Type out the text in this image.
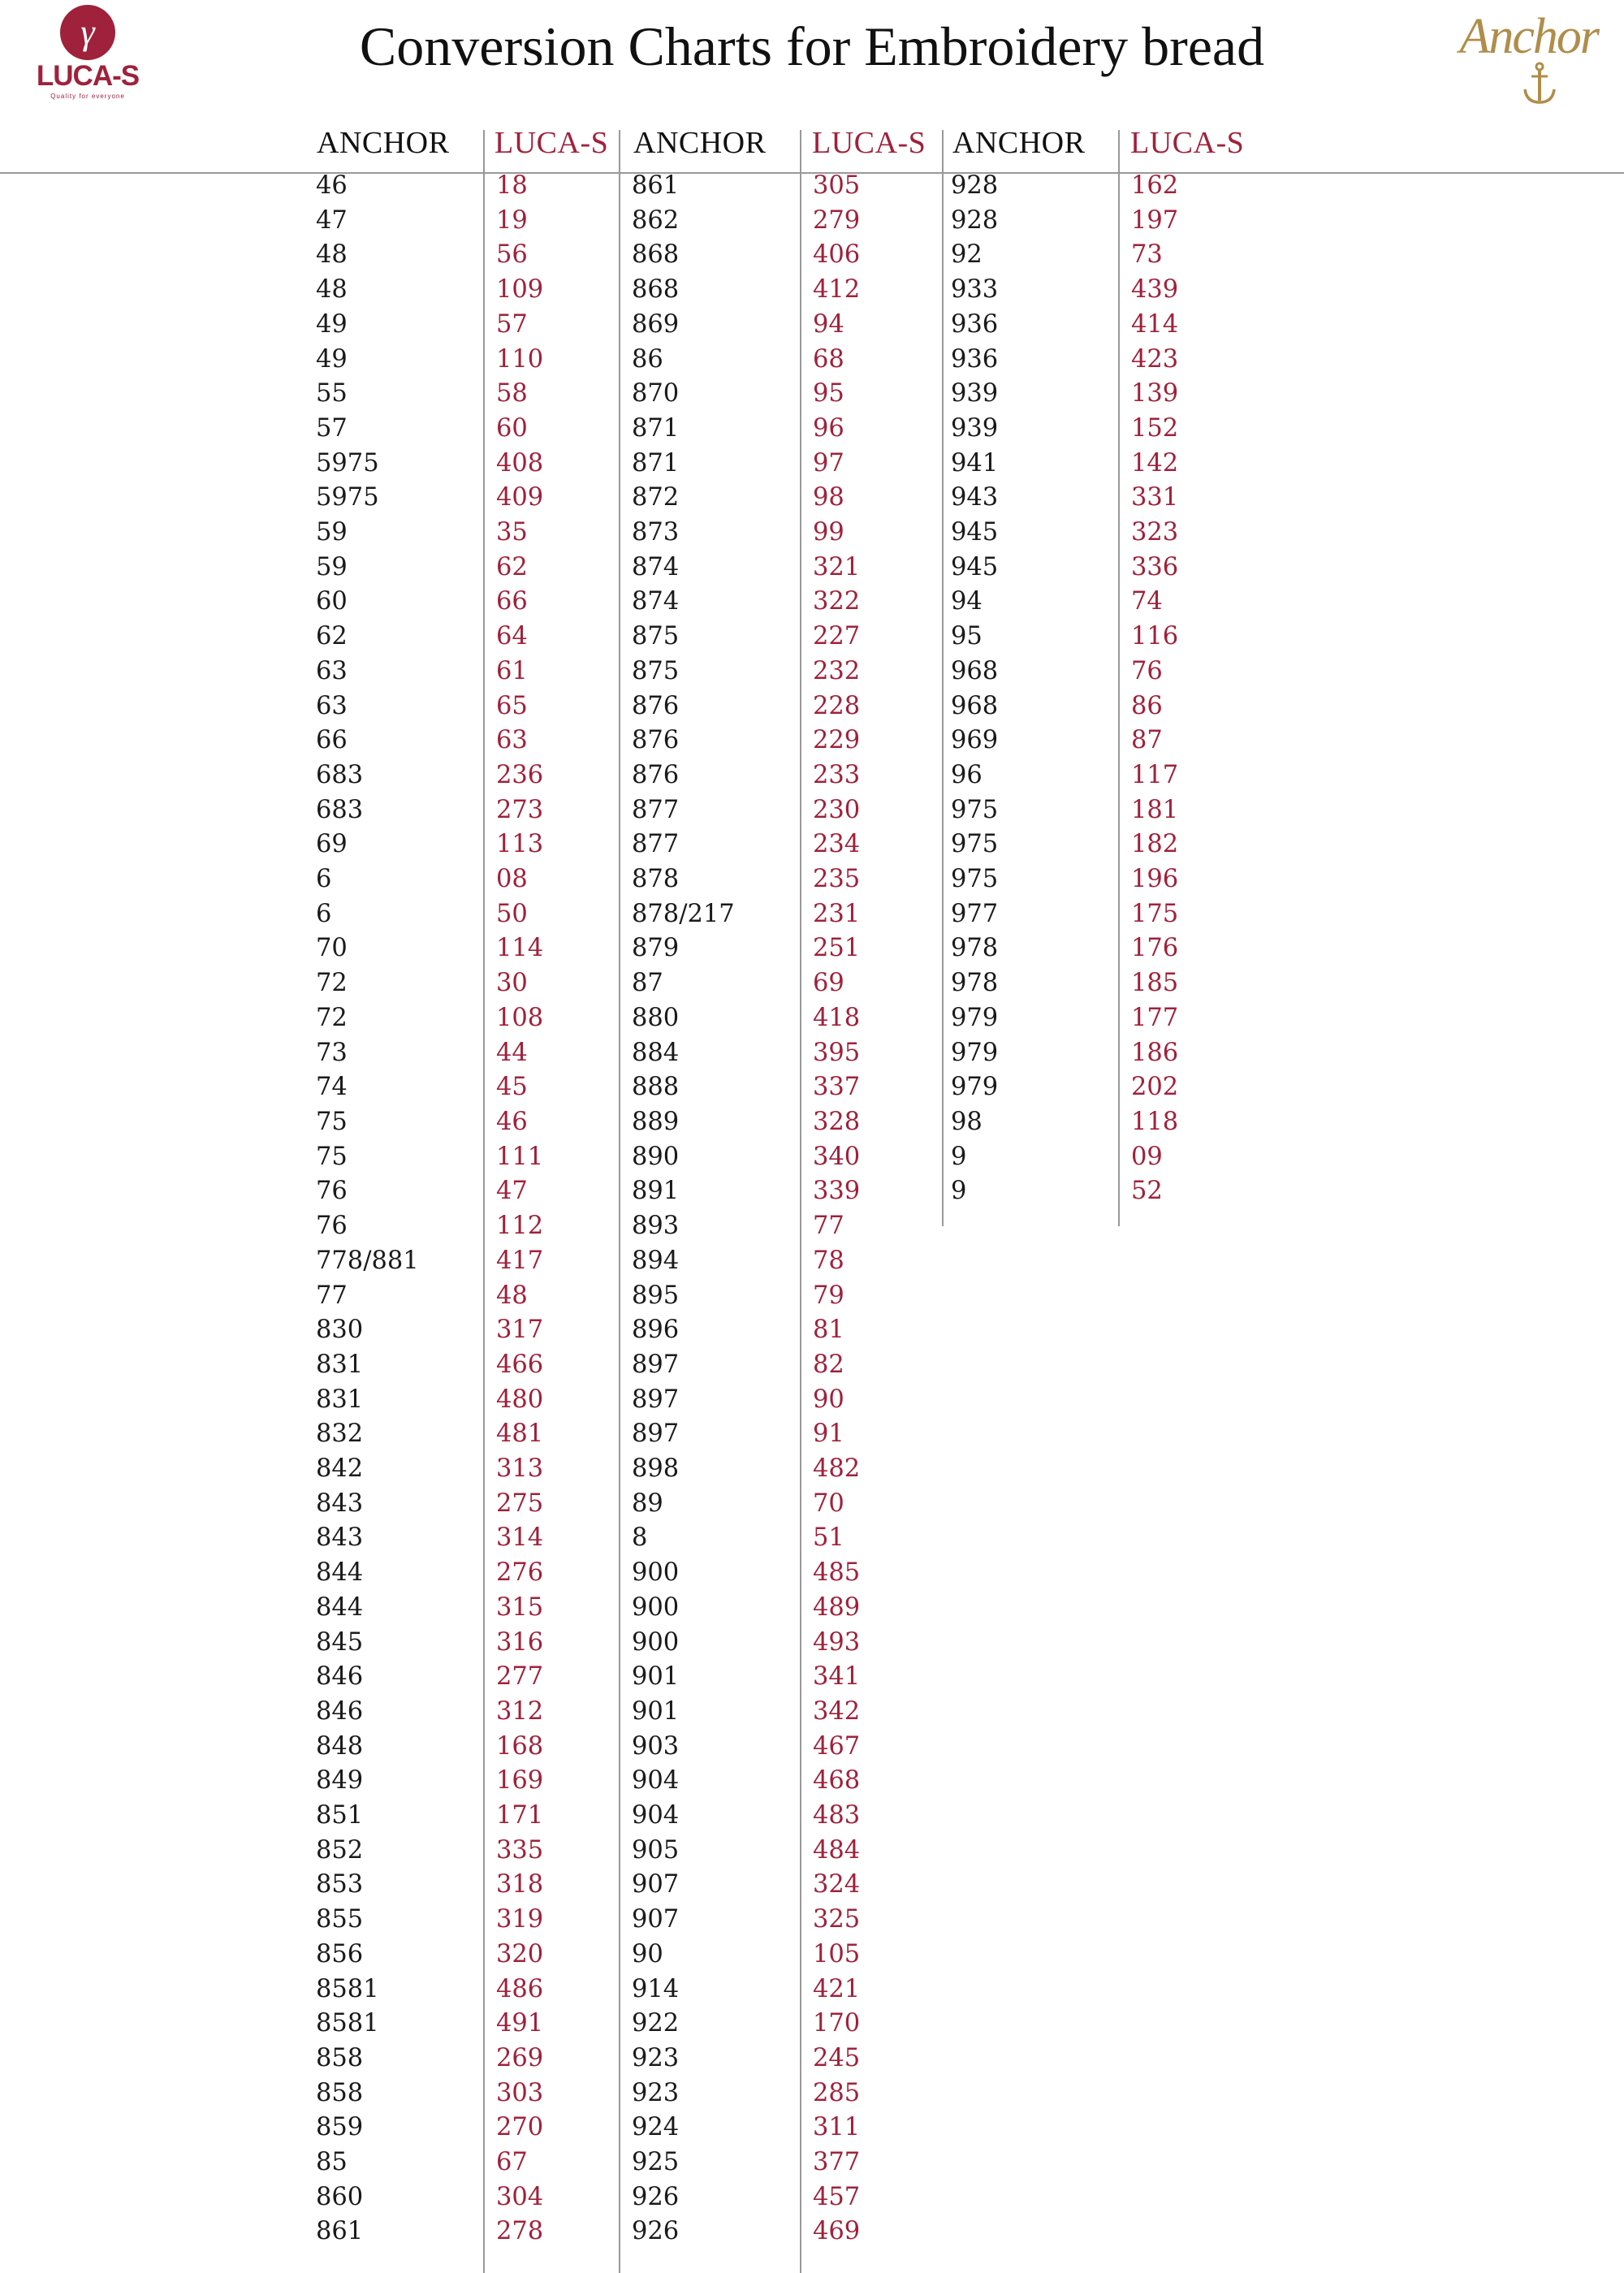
γ
LUCA-S
Quality for everyone
Conversion Charts for Embroidery bread	Anchor
ANCHOR LUCA-S ANCHOR LUCA-S ANCHOR LUCA-S
46
47
48
48
49
49
55
57
5975
5975
59
59
60
62
63
63
66
683
683
69
6
6
70
72
72
73
74
75
75
76
76
778/881
77
830
831
831
832
842
843
843
844
844
845
846
846
848
849
851
852
853
855
856
8581
8581
858
858
859
85
860
861
18
19
56
109
57
110
58
60
408
409
35
62
66
64
61
65
63
236
273
113
08
50
114
30
108
44
45
46
111
47
112
417
48
317
466
480
481
313
275
314
276
315
316
277
312
168
169
171
335
318
319
320
486
491
269
303
270
67
304
278
861
862
868
868
869
86
870
871
871
872
873
874
874
875
875
876
876
876
877
877
878
878/217
879
87
880
884
888
889
890
891
893
894
895
896
897
897
897
898
89
8
900
900
900
901
901
903
904
904
905
907
907
90
914
922
923
923
924
925
926
926
305
279
406
412
94
68
95
96
97
98
99
321
322
227
232
228
229
233
230
234
235
231
251
69
418
395
337
328
340
339
77
78
79
81
82
90
91
482
70
51
485
489
493
341
342
467
468
483
484
324
325
105
421
170
245
285
311
377
457
469
928
928
92
933
936
936
939
939
941
943
945
945
94
95
968
968
969
96
975
975
975
977
978
978
979
979
979
98
9
9
162
197
73
439
414
423
139
152
142
331
323
336
74
116
76
86
87
117
181
182
196
175
176
185
177
186
202
118
09
52
